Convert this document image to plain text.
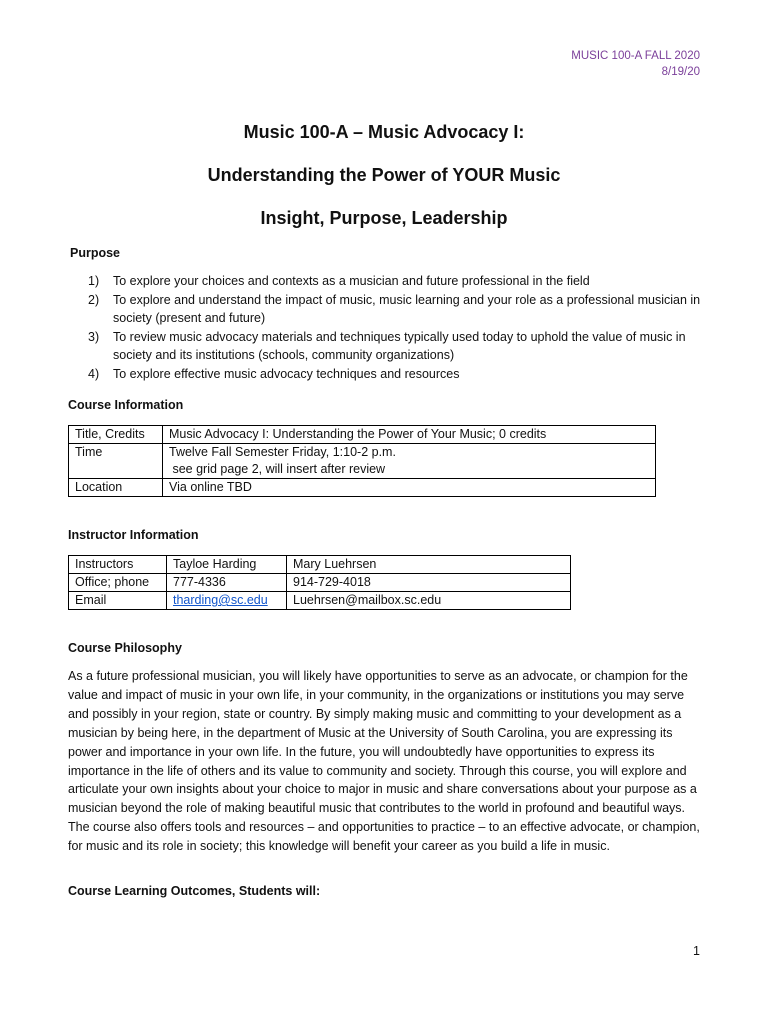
MUSIC 100-A FALL 2020
8/19/20
Music 100-A – Music Advocacy I:
Understanding the Power of YOUR Music
Insight, Purpose, Leadership
Purpose
1) To explore your choices and contexts as a musician and future professional in the field
2) To explore and understand the impact of music, music learning and your role as a professional musician in society (present and future)
3) To review music advocacy materials and techniques typically used today to uphold the value of music in society and its institutions (schools, community organizations)
4) To explore effective music advocacy techniques and resources
Course Information
Title, Credits	Music Advocacy I: Understanding the Power of Your Music; 0 credits
Time	Twelve Fall Semester Friday, 1:10-2 p.m.
see grid page 2, will insert after review

Location	Via online TBD
Instructor Information
Instructors	Tayloe Harding	Mary Luehrsen
Office; phone	777-4336	914-729-4018
Email	tharding@sc.edu	Luehrsen@mailbox.sc.edu
Course Philosophy
As a future professional musician, you will likely have opportunities to serve as an advocate, or champion for the value and impact of music in your own life, in your community, in the organizations or institutions you may serve and possibly in your region, state or country. By simply making music and committing to your development as a musician by being here, in the department of Music at the University of South Carolina, you are expressing its power and importance in your own life. In the future, you will undoubtedly have opportunities to express its importance in the life of others and its value to community and society. Through this course, you will explore and articulate your own insights about your choice to major in music and share conversations about your purpose as a musician beyond the role of making beautiful music that contributes to the world in profound and beautiful ways. The course also offers tools and resources – and opportunities to practice – to an effective advocate, or champion, for music and its role in society; this knowledge will benefit your career as you build a life in music.
Course Learning Outcomes, Students will:
1
